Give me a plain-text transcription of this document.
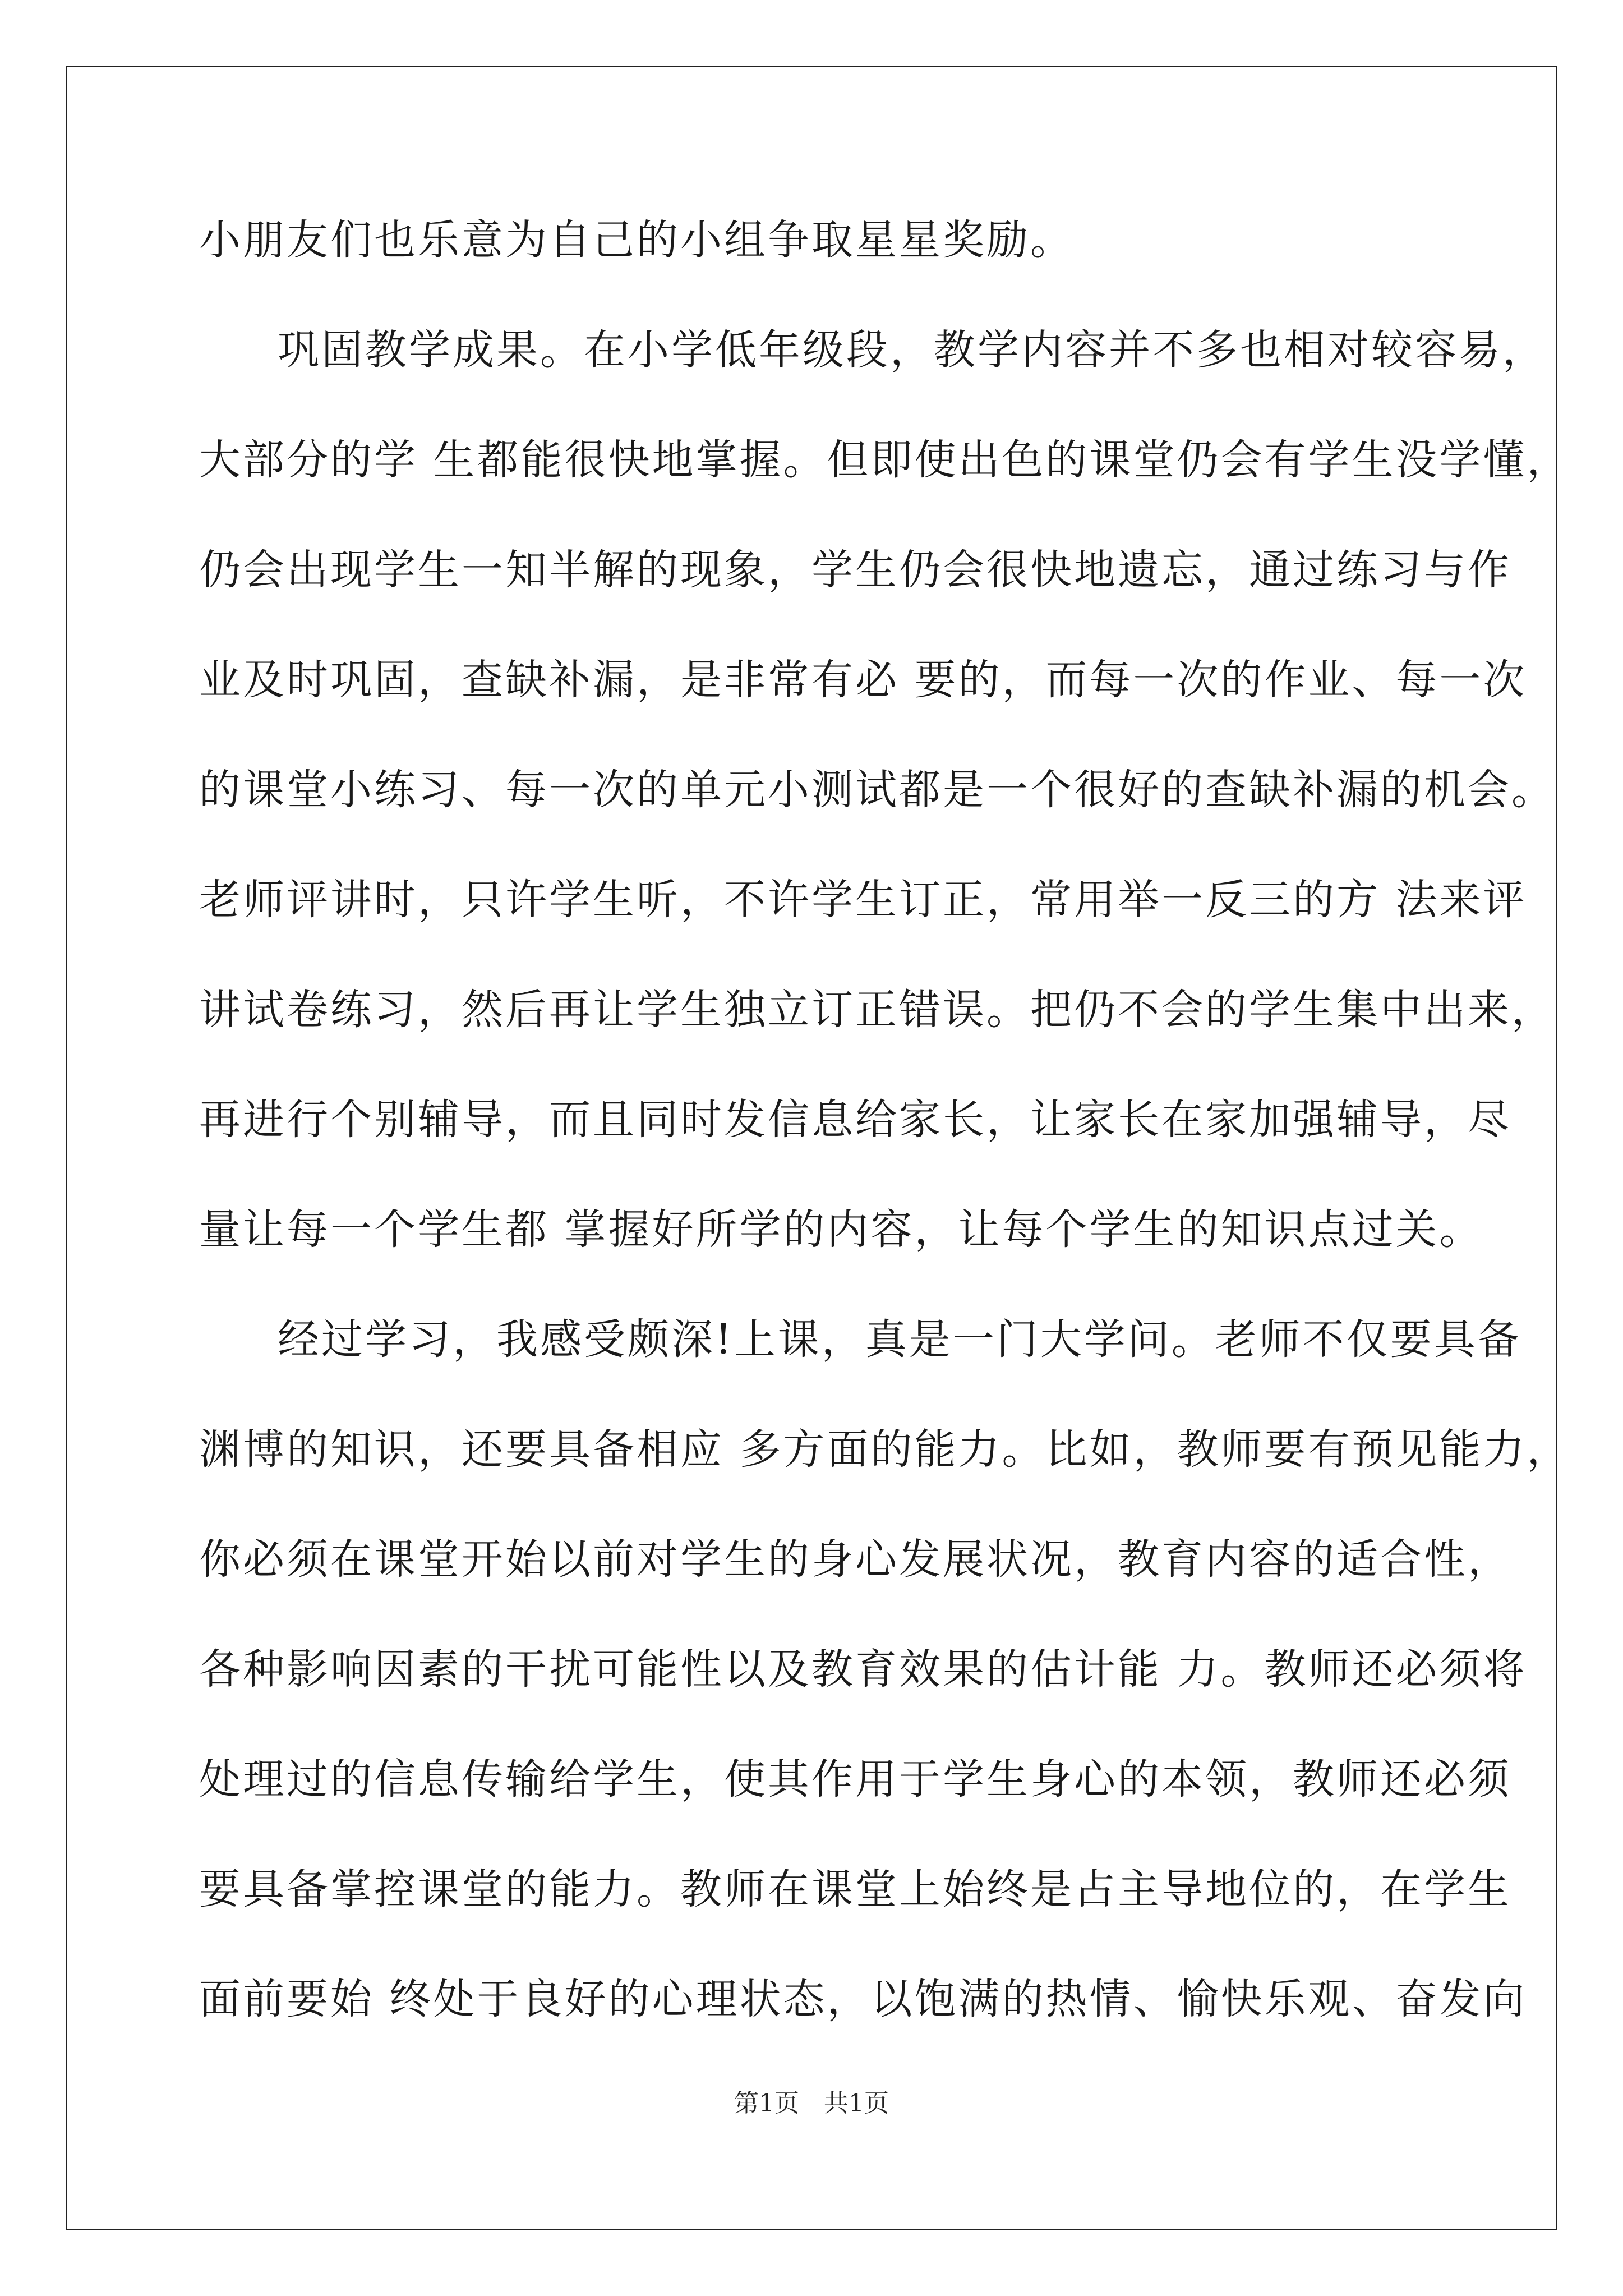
小朋友们也乐意为自己的小组争取星星奖励。
巩固教学成果。在小学低年级段，教学内容并不多也相对较容易，
大部分的学 生都能很快地掌握。但即使出色的课堂仍会有学生没学懂，
仍会出现学生一知半解的现象，学生仍会很快地遗忘，通过练习与作
业及时巩固，查缺补漏，是非常有必 要的，而每一次的作业、每一次
的课堂小练习、每一次的单元小测试都是一个很好的查缺补漏的机会。
老师评讲时，只许学生听，不许学生订正，常用举一反三的方 法来评
讲试卷练习，然后再让学生独立订正错误。把仍不会的学生集中出来，
再进行个别辅导，而且同时发信息给家长，让家长在家加强辅导，尽
量让每一个学生都 掌握好所学的内容，让每个学生的知识点过关。
经过学习，我感受颇深!上课，真是一门大学问。老师不仅要具备
渊博的知识，还要具备相应 多方面的能力。比如，教师要有预见能力，
你必须在课堂开始以前对学生的身心发展状况，教育内容的适合性，
各种影响因素的干扰可能性以及教育效果的估计能 力。教师还必须将
处理过的信息传输给学生，使其作用于学生身心的本领，教师还必须
要具备掌控课堂的能力。教师在课堂上始终是占主导地位的，在学生
面前要始 终处于良好的心理状态，以饱满的热情、愉快乐观、奋发向
第1页　共1页
